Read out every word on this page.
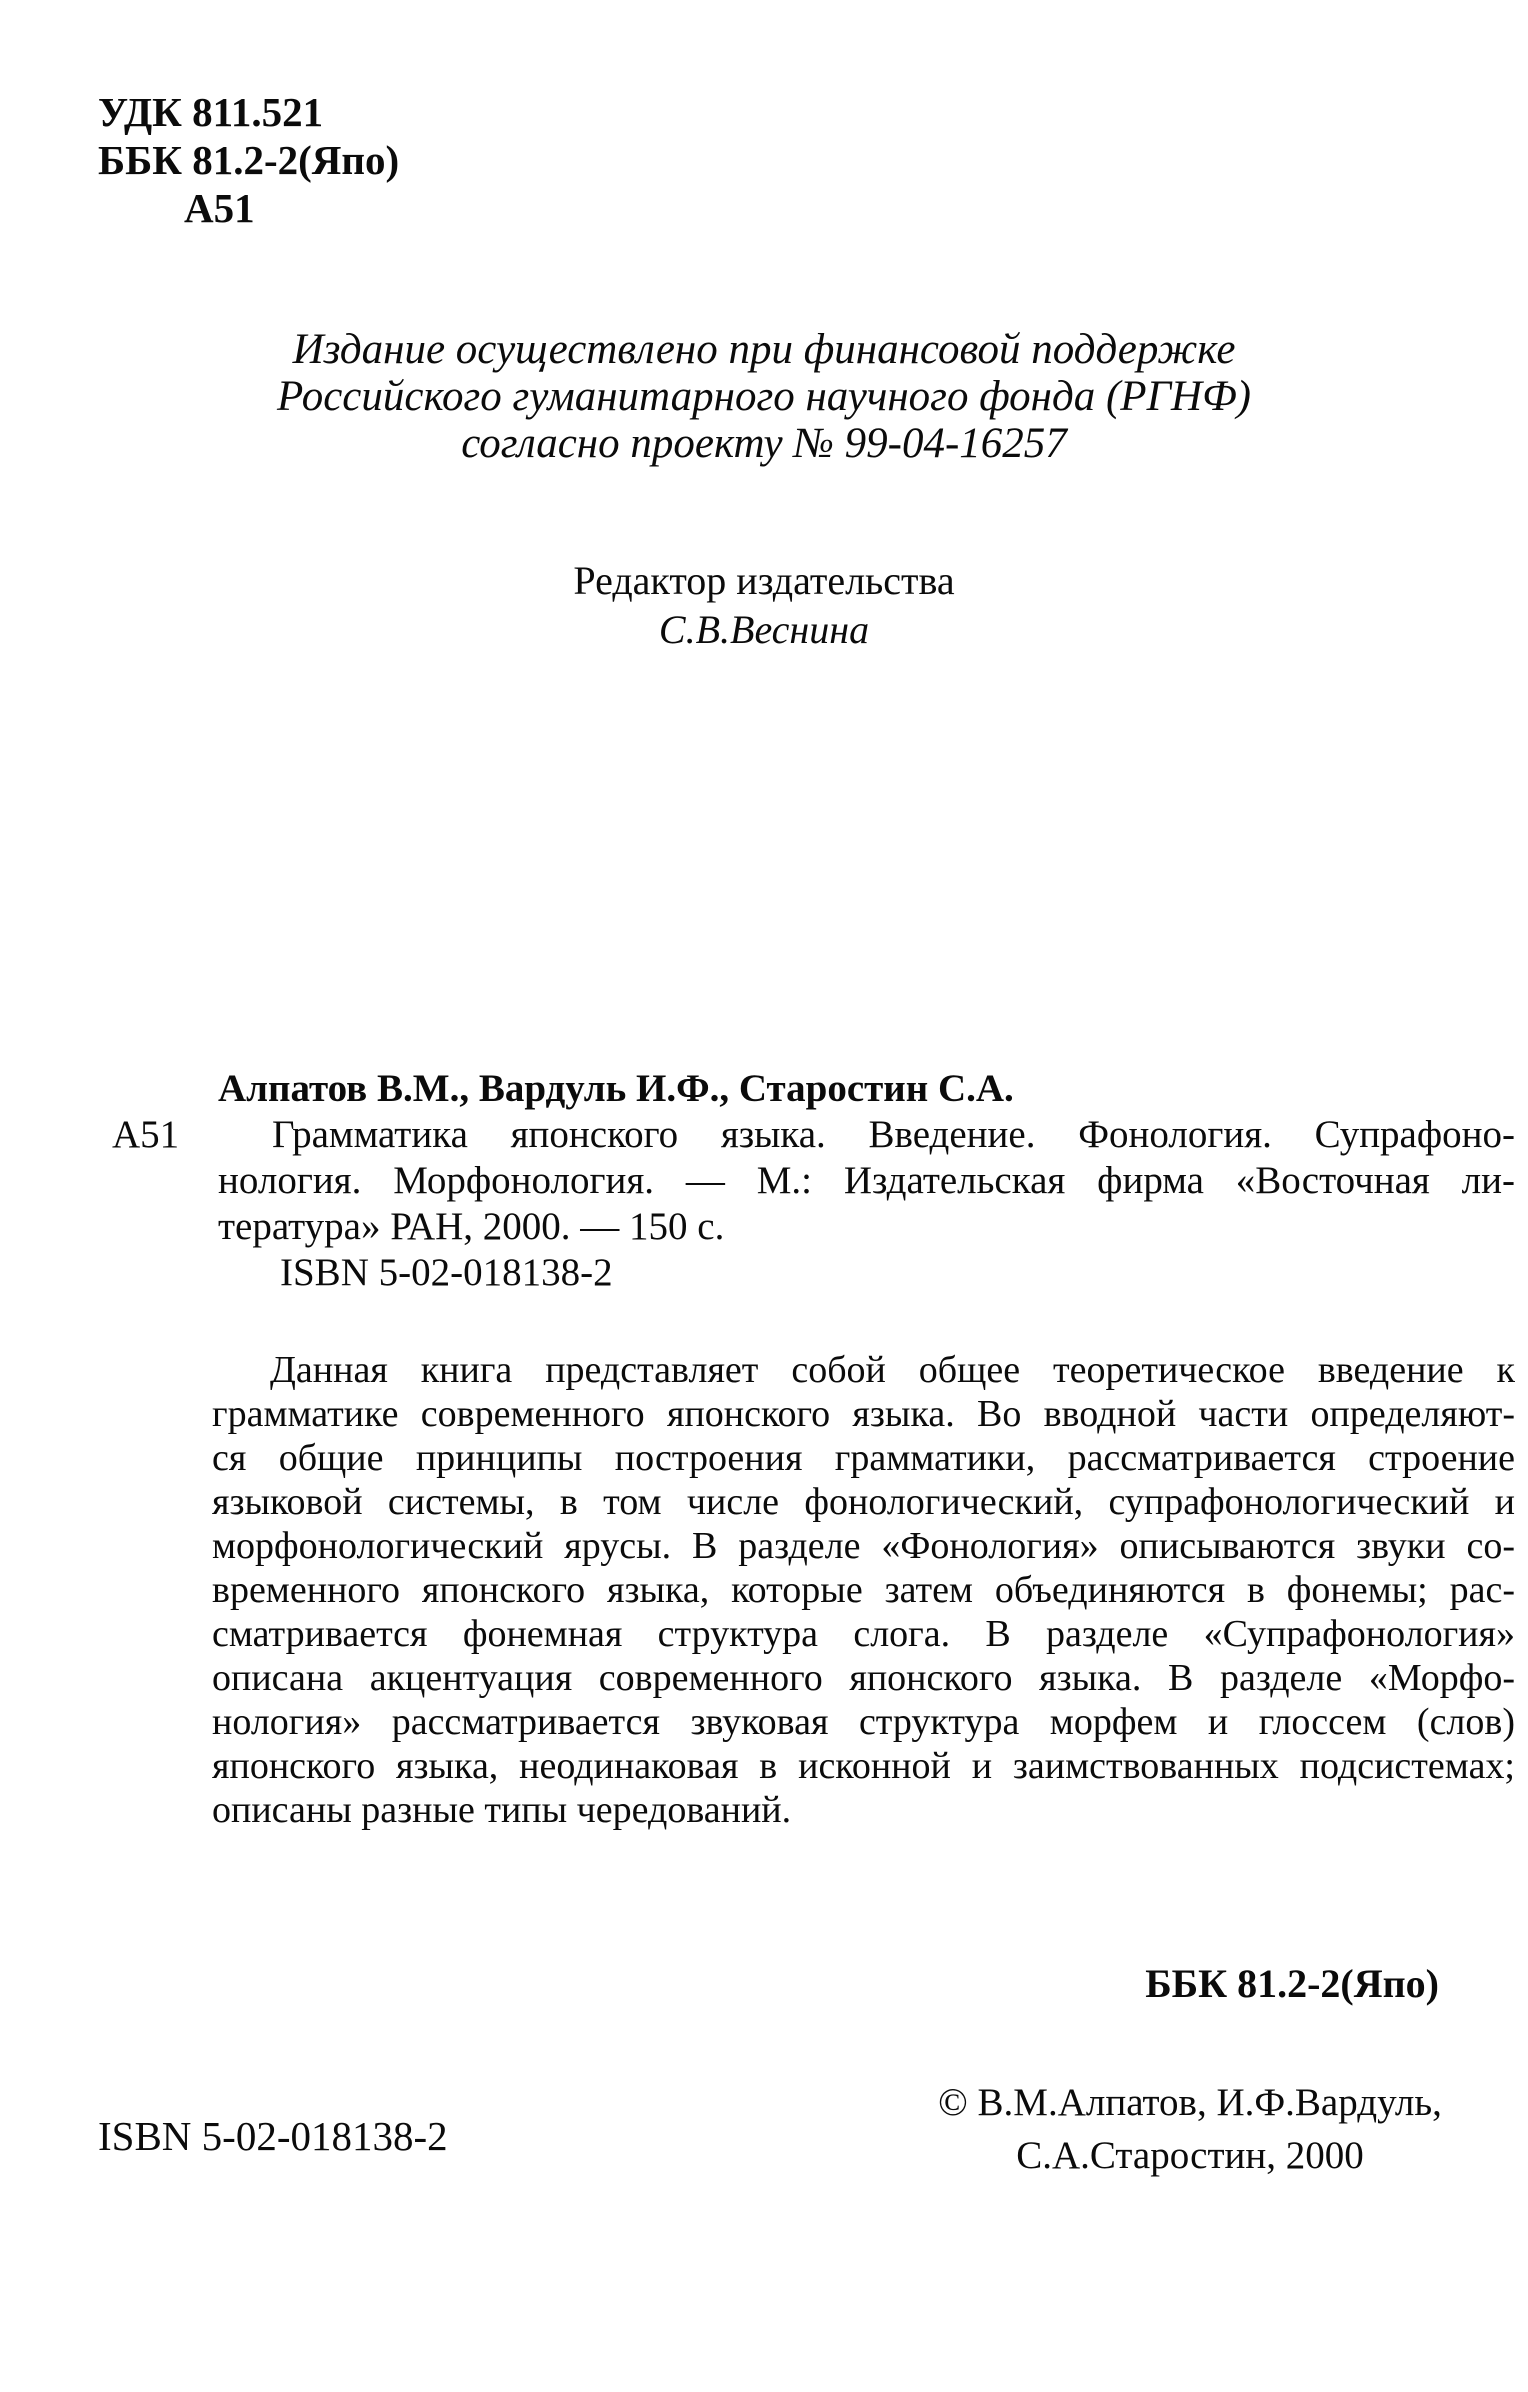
УДК 811.521
ББК 81.2-2(Япо)
А51
Издание осуществлено при финансовой поддержке
Российского гуманитарного научного фонда (РГНФ)
согласно проекту № 99-04-16257
Редактор издательства
С.В.Веснина
Алпатов В.М., Вардуль И.Ф., Старостин С.А.
А51	Грамматика японского языка. Введение. Фонология. Супрафоно-
нология. Морфонология. — М.: Издательская фирма «Восточная ли-
тература» РАН, 2000. — 150 с.
ISBN 5-02-018138-2
Данная книга представляет собой общее теоретическое введение к
грамматике современного японского языка. Во вводной части определяют-
ся общие принципы построения грамматики, рассматривается строение
языковой системы, в том числе фонологический, супрафонологический и
морфонологический ярусы. В разделе «Фонология» описываются звуки со-
временного японского языка, которые затем объединяются в фонемы; рас-
сматривается фонемная структура слога. В разделе «Супрафонология»
описана акцентуация современного японского языка. В разделе «Морфо-
нология» рассматривается звуковая структура морфем и глоссем (слов)
японского языка, неодинаковая в исконной и заимствованных подсистемах;
описаны разные типы чередований.
ББК 81.2-2(Япо)
© В.М.Алпатов, И.Ф.Вардуль,
С.А.Старостин, 2000
ISBN 5-02-018138-2
